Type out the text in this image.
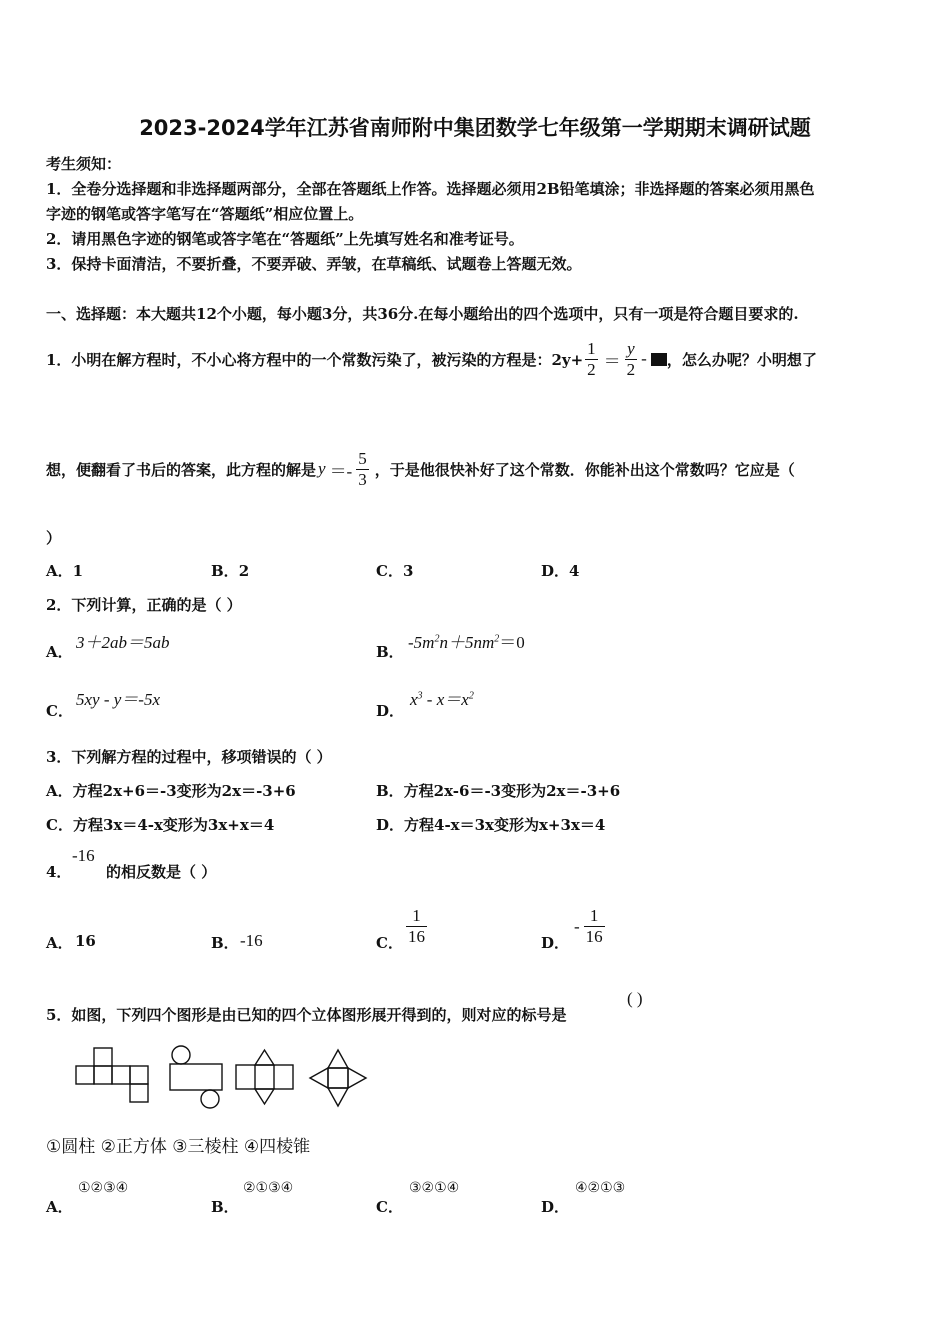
2023-2024学年江苏省南师附中集团数学七年级第一学期期末调研试题
考生须知：
1．全卷分选择题和非选择题两部分，全部在答题纸上作答。选择题必须用2B铅笔填涂；非选择题的答案必须用黑色
字迹的钢笔或答字笔写在“答题纸”相应位置上。
2．请用黑色字迹的钢笔或答字笔在“答题纸”上先填写姓名和准考证号。
3．保持卡面清洁，不要折叠，不要弄破、弄皱，在草稿纸、试题卷上答题无效。
一、选择题：本大题共12个小题，每小题3分，共36分.在每小题给出的四个选项中，只有一项是符合题目要求的.
1．小明在解方程时，不小心将方程中的一个常数污染了，被污染的方程是：$2y+ \frac{1}{2} = \frac{y}{2}$ - ，怎么办呢？小明想了
想，便翻看了书后的答案，此方程的解是 $y =- \frac{5}{3}$ ，于是他很快补好了这个常数．你能补出这个常数吗？它应是（
）
A．1	B．2	C．3	D．4
2．下列计算，正确的是（ ）
A． 3＋2ab＝5ab	B． $-5m^2n+5nm^2=0$
C．
5xy - y＝-5x
D．
$x^3 - x=x^2$
3．下列解方程的过程中，移项错误的（ ）
A．方程2x+6＝-3变形为2x＝-3+6	B．方程2x-6＝-3变形为2x＝-3+6
C．方程3x＝4-x变形为3x+x＝4	D．方程4-x＝3x变形为x+3x＝4
4．
-16
的相反数是（ ）
A． 16	B． -16	C． $\frac{1}{16}$	D．
- $\frac{1}{16}$
5．如图，下列四个图形是由已知的四个立体图形展开得到的，则对应的标号是
( )
①圆柱 ②正方体 ③三棱柱 ④四棱锥
A．
①②③④
B．
②①③④
C．
③②①④
D．
④②①③
